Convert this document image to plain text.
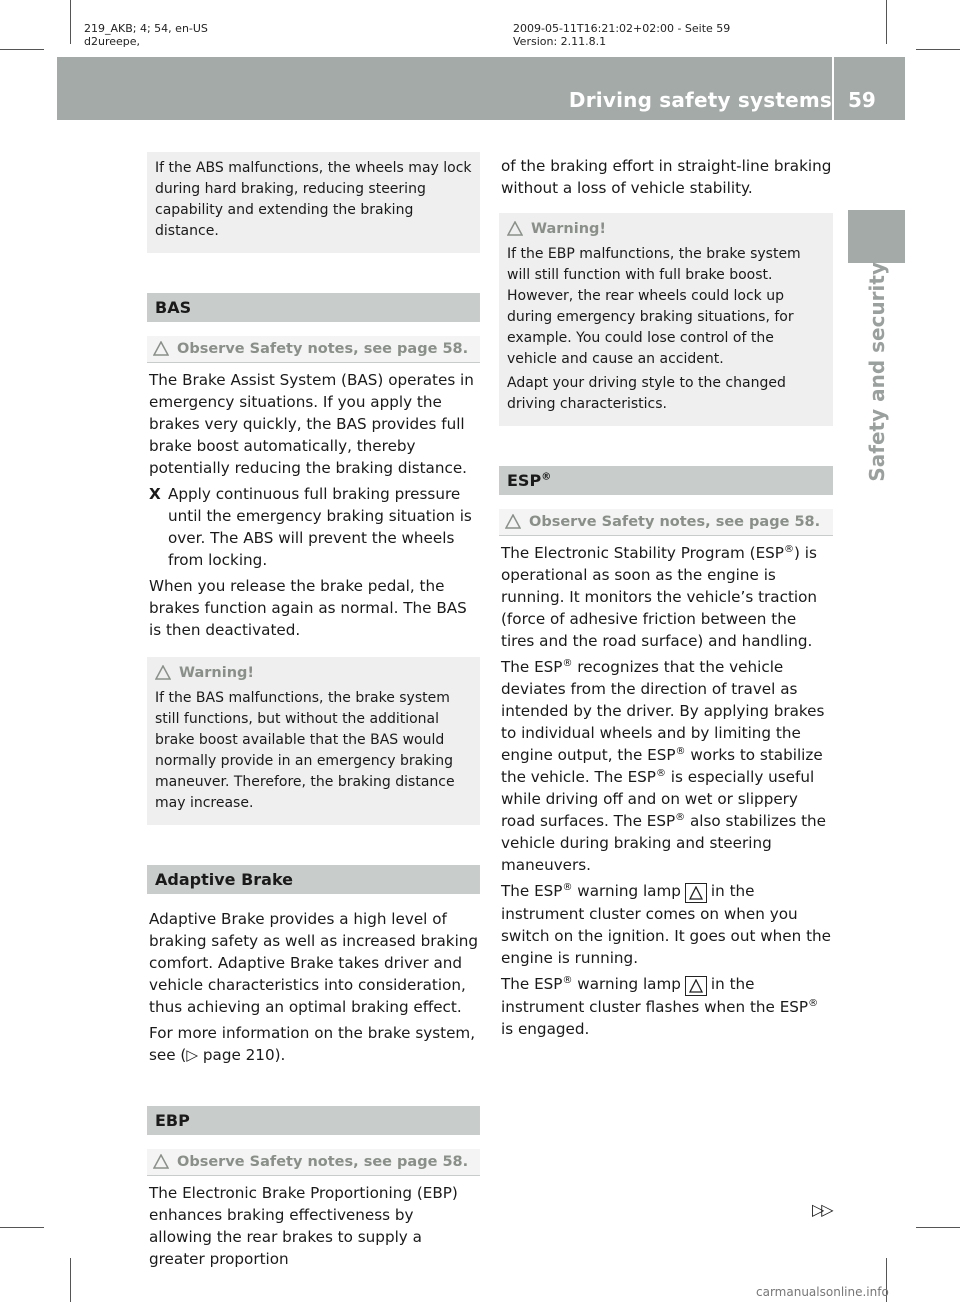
219_AKB; 4; 54, en-US
d2ureepe,
2009-05-11T16:21:02+02:00 - Seite 59
Version: 2.11.8.1
Driving safety systems 59
Safety and security

If the ABS malfunctions, the wheels may lock during hard braking, reducing steering capability and extending the braking distance.

BAS
Observe Safety notes, see page 58.

The Brake Assist System (BAS) operates in emergency situations. If you apply the brakes very quickly, the BAS provides full brake boost automatically, thereby potentially reducing the braking distance.

X Apply continuous full braking pressure until the emergency braking situation is over. The ABS will prevent the wheels from locking.

When you release the brake pedal, the brakes function again as normal. The BAS is then deactivated.

Warning!

If the BAS malfunctions, the brake system still functions, but without the additional brake boost available that the BAS would normally provide in an emergency braking maneuver. Therefore, the braking distance may increase.

Adaptive Brake

Adaptive Brake provides a high level of braking safety as well as increased braking comfort. Adaptive Brake takes driver and vehicle characteristics into consideration, thus achieving an optimal braking effect.

For more information on the brake system, see (▷ page 210).

EBP
Observe Safety notes, see page 58.

The Electronic Brake Proportioning (EBP) enhances braking effectiveness by allowing the rear brakes to supply a greater proportion

of the braking effort in straight-line braking without a loss of vehicle stability.

Warning!

If the EBP malfunctions, the brake system will still function with full brake boost. However, the rear wheels could lock up during emergency braking situations, for example. You could lose control of the vehicle and cause an accident.

Adapt your driving style to the changed driving characteristics.

ESP®
Observe Safety notes, see page 58.

The Electronic Stability Program (ESP®) is operational as soon as the engine is running. It monitors the vehicle’s traction (force of adhesive friction between the tires and the road surface) and handling.

The ESP® recognizes that the vehicle deviates from the direction of travel as intended by the driver. By applying brakes to individual wheels and by limiting the engine output, the ESP® works to stabilize the vehicle. The ESP® is especially useful while driving off and on wet or slippery road surfaces. The ESP® also stabilizes the vehicle during braking and steering maneuvers.

The ESP® warning lamp in the instrument cluster comes on when you switch on the ignition. It goes out when the engine is running.

The ESP® warning lamp in the instrument cluster flashes when the ESP® is engaged.

▷▷
carmanualsonline.info
